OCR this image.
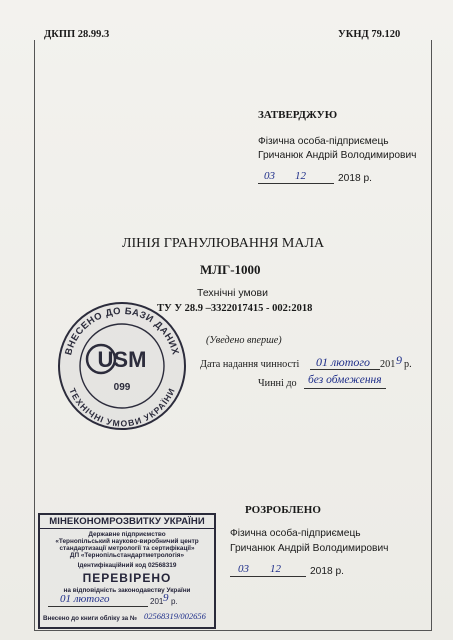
ДКПП 28.99.3	УКНД 79.120
ЗАТВЕРДЖУЮ
Фізична особа-підприємець
Гричанюк Андрій Володимирович
03 12	2018 р.
ЛІНІЯ ГРАНУЛЮВАННЯ МАЛА
МЛГ-1000
Технічні умови
ТУ У 28.9 –3322017415 - 002:2018
(Уведено вперше)
Дата надання чинності 01 лютого 201 9 р.
Чинні до без обмеження
ВНЕСЕНО ДО БАЗИ ДАНИХ
ТЕХНІЧНІ УМОВИ УКРАЇНИ
USM
099
РОЗРОБЛЕНО
Фізична особа-підприємець
Гричанюк Андрій Володимирович
03 12	2018 р.
МІНЕКОНОМРОЗВИТКУ УКРАЇНИ
Державне підприємство
«Тернопільський науково-виробничий центр
стандартизації метрології та сертифікації»
ДП «Тернопільстандартметрологія»
Ідентифікаційний код 02568319
ПЕРЕВІРЕНО
на відповідність законодавству України
01 лютого	201 9 р.
Внесено до книги обліку за № 02568319/002656
